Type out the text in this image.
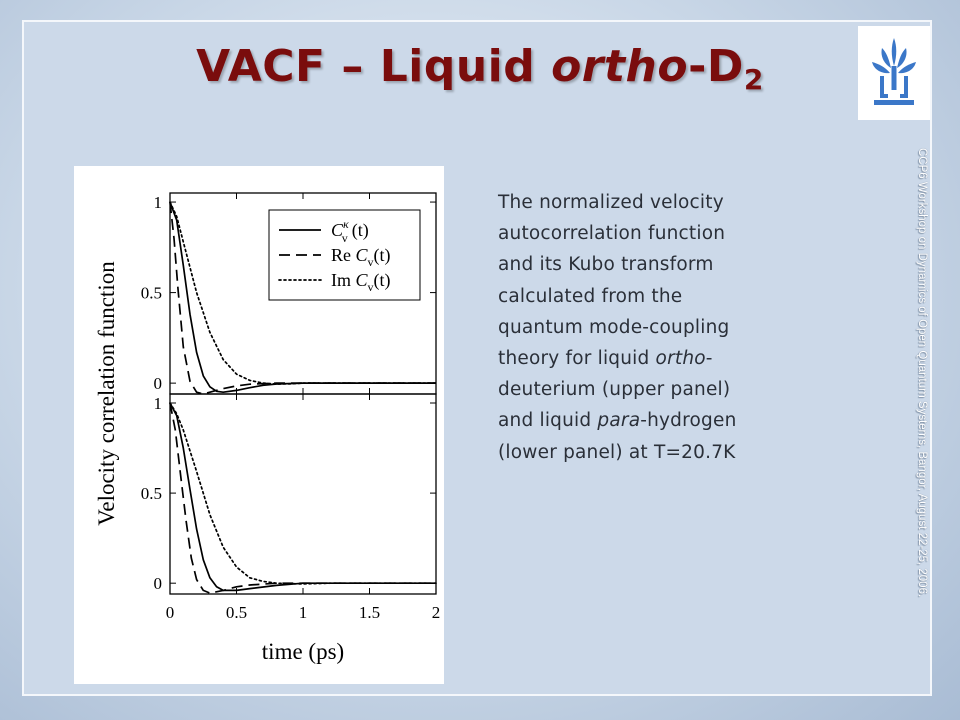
VACF – Liquid ortho-$D_2$
0
0.5
1
0
0.5
1
0	0.5	1	1.5	2
time (ps)
Velocity correlation function
$C^\kappa$ v (t)
Re $C_v(t)$
Im $C_v(t)$
The normalized velocity
autocorrelation function
and its Kubo transform
calculated from the
quantum mode-coupling
theory for liquid ortho-
deuterium (upper panel)
and liquid para-hydrogen
(lower panel) at T=20.7K	CCP6 Workshop on Dynamics of Open Quantum Systems, Bangor, August 22-25, 2006.
